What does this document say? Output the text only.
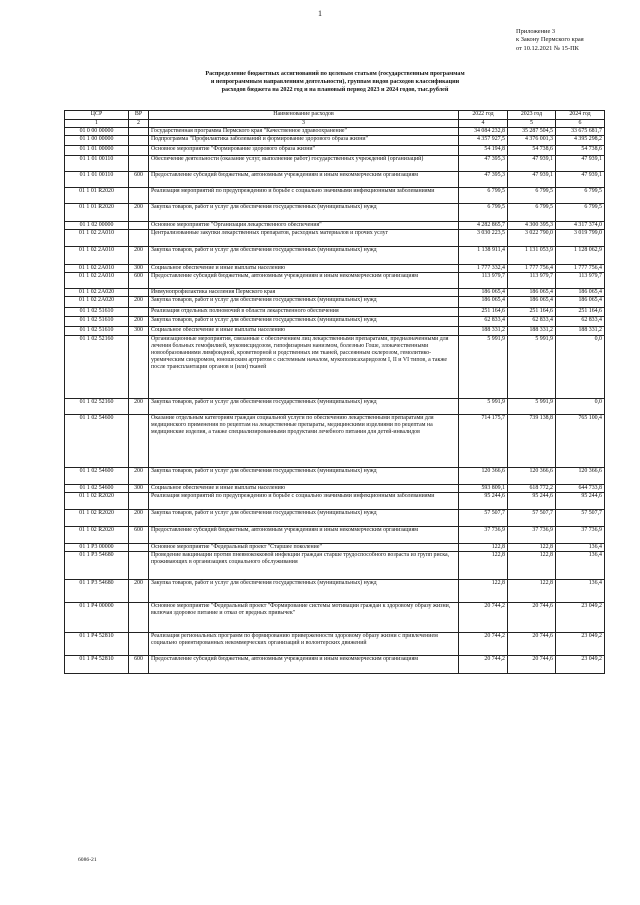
1
Приложение 3
к Закону Пермского края
от 10.12.2021 № 15-ПК
Распределение бюджетных ассигнований по целевым статьям (государственным программам
и непрограммным направлениям деятельности), группам видов расходов классификации
расходов бюджета на 2022 год и на плановый период 2023 и 2024 годов, тыс.рублей
ЦСР	ВР	Наименование расходов	2022 год	2023 год	2024 год
1	2	3	4	5	6
01 0 00 00000		Государственная программа Пермского края "Качественное здравоохранение"	34 084 232,8	35 287 504,5	33 675 681,7
01 1 00 00000		Подпрограмма "Профилактика заболеваний и формирование здорового образа жизни"	4 357 927,5	4 376 001,3	4 395 298,2
01 1 01 00000		Основное мероприятие "Формирование здорового образа жизни"	54 194,8	54 738,6	54 738,6
01 1 01 00110		Обеспечение деятельности (оказание услуг, выполнение работ) государственных учреждений (организаций)	47 395,3	47 939,1	47 939,1
01 1 01 00110	600	Предоставление субсидий бюджетным, автономным учреждениям и иным некоммерческим организациям	47 395,3	47 939,1	47 939,1
01 1 01 R2020		Реализация мероприятий по предупреждению и борьбе с социально значимыми инфекционными заболеваниями	6 799,5	6 799,5	6 799,5
01 1 01 R2020	200	Закупка товаров, работ и услуг для обеспечения государственных (муниципальных) нужд	6 799,5	6 799,5	6 799,5
01 1 02 00000		Основное мероприятие "Организация лекарственного обеспечения"	4 282 865,7	4 300 395,3	4 317 374,0
01 1 02 2А010		Централизованные закупки лекарственных препаратов, расходных материалов и прочих услуг	3 030 223,5	3 022 790,0	3 019 799,0
01 1 02 2А010	200	Закупка товаров, работ и услуг для обеспечения государственных (муниципальных) нужд	1 138 911,4	1 131 053,9	1 128 062,9
01 1 02 2А010	300	Социальное обеспечение и иные выплаты населению	1 777 332,4	1 777 756,4	1 777 756,4
01 1 02 2А010	600	Предоставление субсидий бюджетным, автономным учреждениям и иным некоммерческим организациям	113 979,7	113 979,7	113 979,7
01 1 02 2А020		Иммунопрофилактика населения Пермского края	186 065,4	186 065,4	186 065,4
01 1 02 2А020	200	Закупка товаров, работ и услуг для обеспечения государственных (муниципальных) нужд	186 065,4	186 065,4	186 065,4
01 1 02 51610		Реализация отдельных полномочий в области лекарственного обеспечения	251 164,6	251 164,6	251 164,6
01 1 02 51610	200	Закупка товаров, работ и услуг для обеспечения государственных (муниципальных) нужд	62 833,4	62 833,4	62 833,4
01 1 02 51610	300	Социальное обеспечение и иные выплаты населению	188 331,2	188 331,2	188 331,2
01 1 02 52160		Организационные мероприятия, связанные с обеспечением лиц лекарственными препаратами, предназначенными для лечения больных гемофилией, муковисцидозом, гипофизарным нанизмом, болезнью Гоше, злокачественными новообразованиями лимфоидной, кроветворной и родственных им тканей, рассеянным склерозом, гемолитико-уремическим синдромом, юношеским артритом с системным началом, мукополисахаридозом I, II и VI типов, а также после трансплантации органов и (или) тканей	5 991,9	5 991,9	0,0
01 1 02 52160	200	Закупка товаров, работ и услуг для обеспечения государственных (муниципальных) нужд	5 991,9	5 991,9	0,0
01 1 02 54600		Оказание отдельным категориям граждан социальной услуги по обеспечению лекарственными препаратами для медицинского применения по рецептам на лекарственные препараты, медицинскими изделиями по рецептам на медицинские изделия, а также специализированными продуктами лечебного питания для детей-инвалидов	714 175,7	739 138,8	765 100,4
01 1 02 54600	200	Закупка товаров, работ и услуг для обеспечения государственных (муниципальных) нужд	120 366,6	120 366,6	120 366,6
01 1 02 54600	300	Социальное обеспечение и иные выплаты населению	593 809,1	618 772,2	644 733,8
01 1 02 R2020		Реализация мероприятий по предупреждению и борьбе с социально значимыми инфекционными заболеваниями	95 244,6	95 244,6	95 244,6
01 1 02 R2020	200	Закупка товаров, работ и услуг для обеспечения государственных (муниципальных) нужд	57 507,7	57 507,7	57 507,7
01 1 02 R2020	600	Предоставление субсидий бюджетным, автономным учреждениям и иным некоммерческим организациям	37 736,9	37 736,9	37 736,9
01 1 P3 00000		Основное мероприятие "Федеральный проект "Старшее поколение"	122,8	122,8	136,4
01 1 P3 54680		Проведение вакцинации против пневмококковой инфекции граждан старше трудоспособного возраста из групп риска, проживающих в организациях социального обслуживания	122,8	122,8	136,4
01 1 P3 54680	200	Закупка товаров, работ и услуг для обеспечения государственных (муниципальных) нужд	122,8	122,8	136,4
01 1 P4 00000		Основное мероприятие "Федеральный проект "Формирование системы мотивации граждан к здоровому образу жизни, включая здоровое питание и отказ от вредных привычек"	20 744,2	20 744,6	23 049,2
01 1 P4 52810		Реализация региональных программ по формированию приверженности здоровому образу жизни с привлечением социально ориентированных некоммерческих организаций и волонтерских движений	20 744,2	20 744,6	23 049,2
01 1 P4 52810	600	Предоставление субсидий бюджетным, автономным учреждениям и иным некоммерческим организациям	20 744,2	20 744,6	23 049,2
6086-21
